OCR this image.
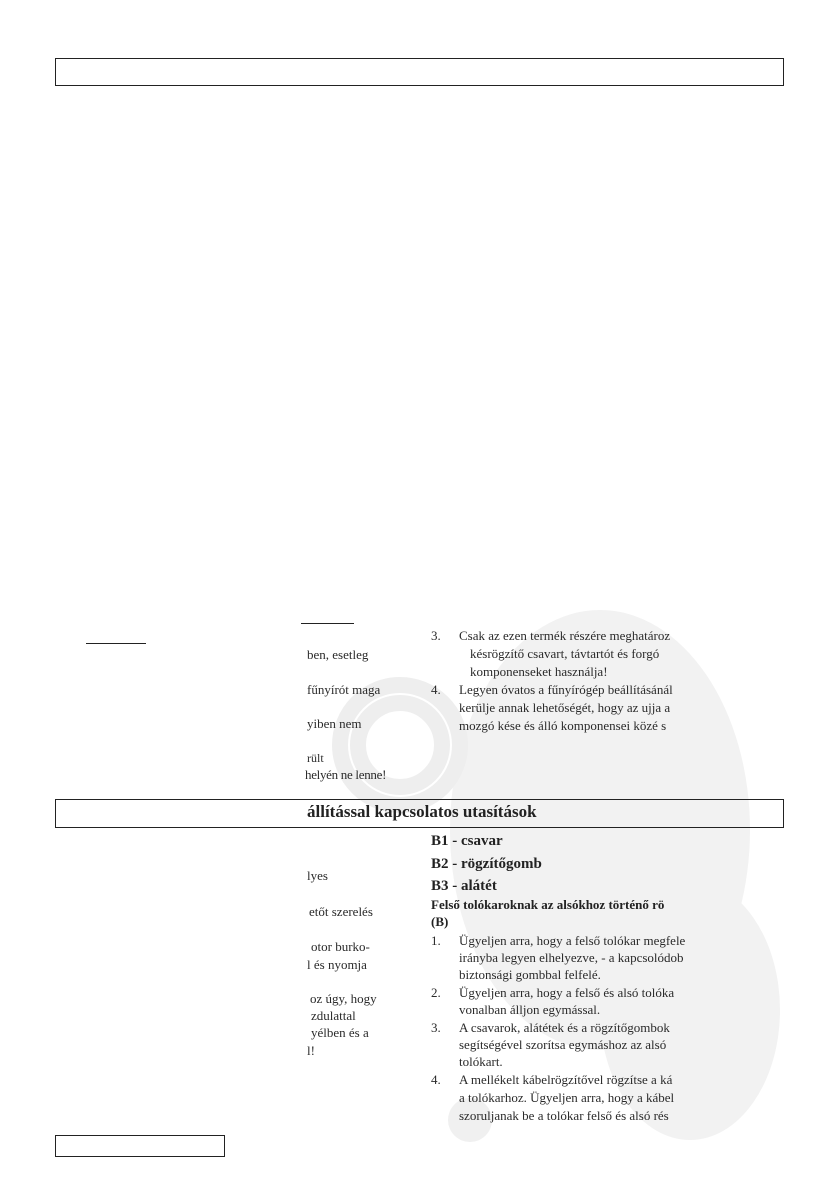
ben, esetleg
fűnyírót maga
yiben nem
rült
helyén ne lenne!
3. Csak az ezen termék részére meghatároz
késrögzítő csavart, távtartót és forgó
komponenseket használja!
4. Legyen óvatos a fűnyírógép beállításánál
kerülje annak lehetőségét, hogy az ujja a
mozgó kése és álló komponensei közé s
állítással kapcsolatos utasítások
B1 - csavar
B2 - rögzítőgomb
B3 - alátét
Felső tolókaroknak az alsókhoz történő rö
(B)
lyes
etőt szerelés
otor burko-
l és nyomja
oz úgy, hogy
zdulattal
yélben és a
l!
1. Ügyeljen arra, hogy a felső tolókar megfele
irányba legyen elhelyezve, - a kapcsolódob
biztonsági gombbal felfelé.
2. Ügyeljen arra, hogy a felső és alsó tolóka
vonalban álljon egymással.
3. A csavarok, alátétek és a rögzítőgombok
segítségével szorítsa egymáshoz az alsó
tolókart.
4. A mellékelt kábelrögzítővel rögzítse a ká
a tolókarhoz. Ügyeljen arra, hogy a kábel
szoruljanak be a tolókar felső és alsó rés
